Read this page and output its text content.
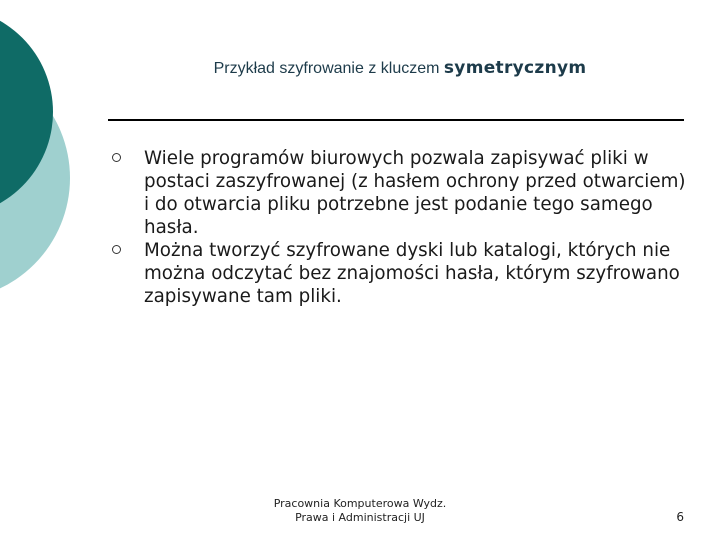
Przykład szyfrowanie z kluczem symetrycznym
Wiele programów biurowych pozwala zapisywać pliki w postaci zaszyfrowanej (z hasłem ochrony przed otwarciem) i do otwarcia pliku potrzebne jest podanie tego samego hasła.
Można tworzyć szyfrowane dyski lub katalogi, których nie można odczytać bez znajomości hasła, którym szyfrowano zapisywane tam pliki.
Pracownia Komputerowa Wydz.
Prawa i Administracji UJ	6
